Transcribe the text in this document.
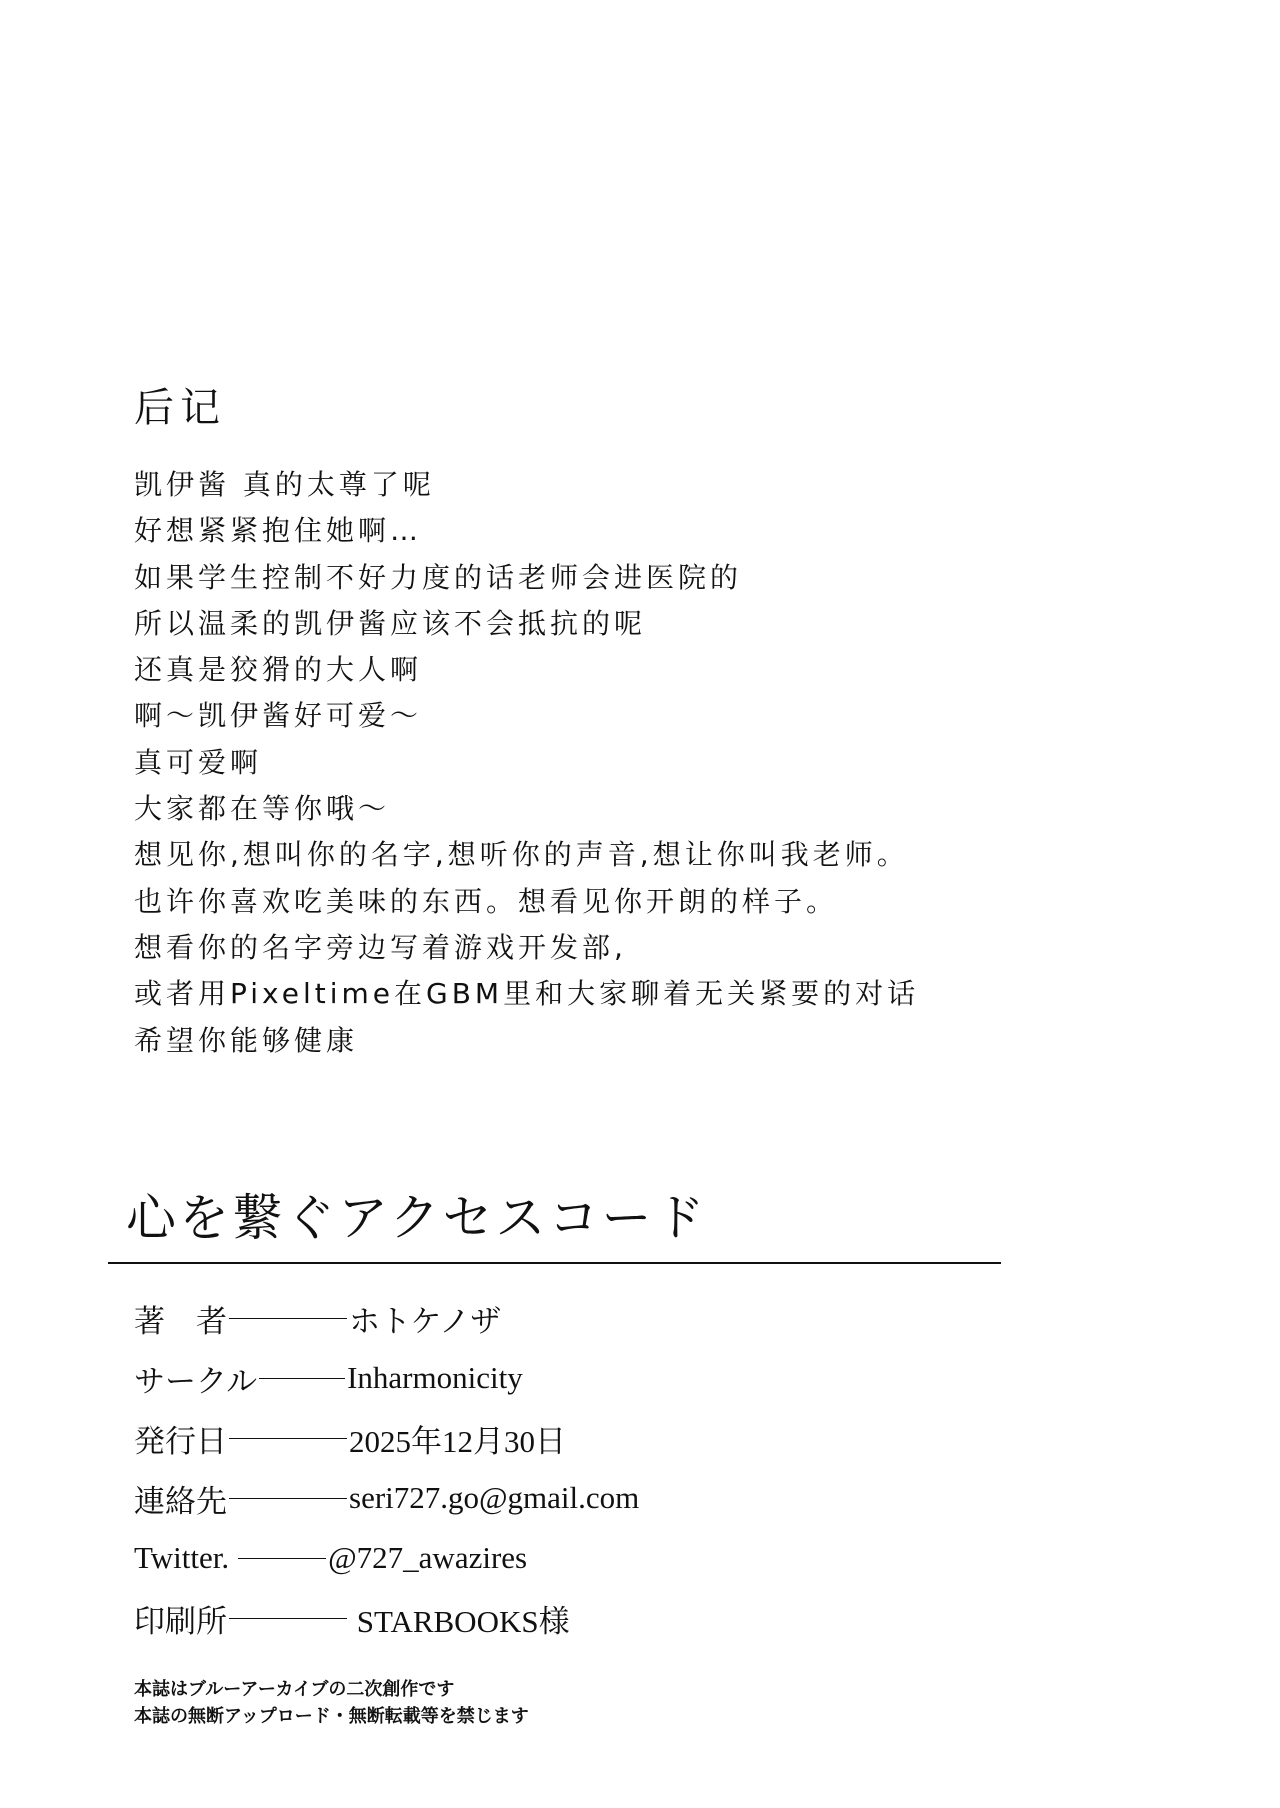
后记
凯伊酱 真的太尊了呢
好想紧紧抱住她啊…
如果学生控制不好力度的话老师会进医院的
所以温柔的凯伊酱应该不会抵抗的呢
还真是狡猾的大人啊
啊～凯伊酱好可爱～
真可爱啊
大家都在等你哦～
想见你,想叫你的名字,想听你的声音,想让你叫我老师。
也许你喜欢吃美味的东西。想看见你开朗的样子。
想看你的名字旁边写着游戏开发部,
或者用Pixeltime在GBM里和大家聊着无关紧要的对话
希望你能够健康
心を繋ぐアクセスコード
著　者	ホトケノザ
サークル	Inharmonicity
発行日	2025年12月30日
連絡先	seri727.go@gmail.com
Twitter.	@727_awazires
印刷所	STARBOOKS様
本誌はブルーアーカイブの二次創作です
本誌の無断アップロード・無断転載等を禁じます
